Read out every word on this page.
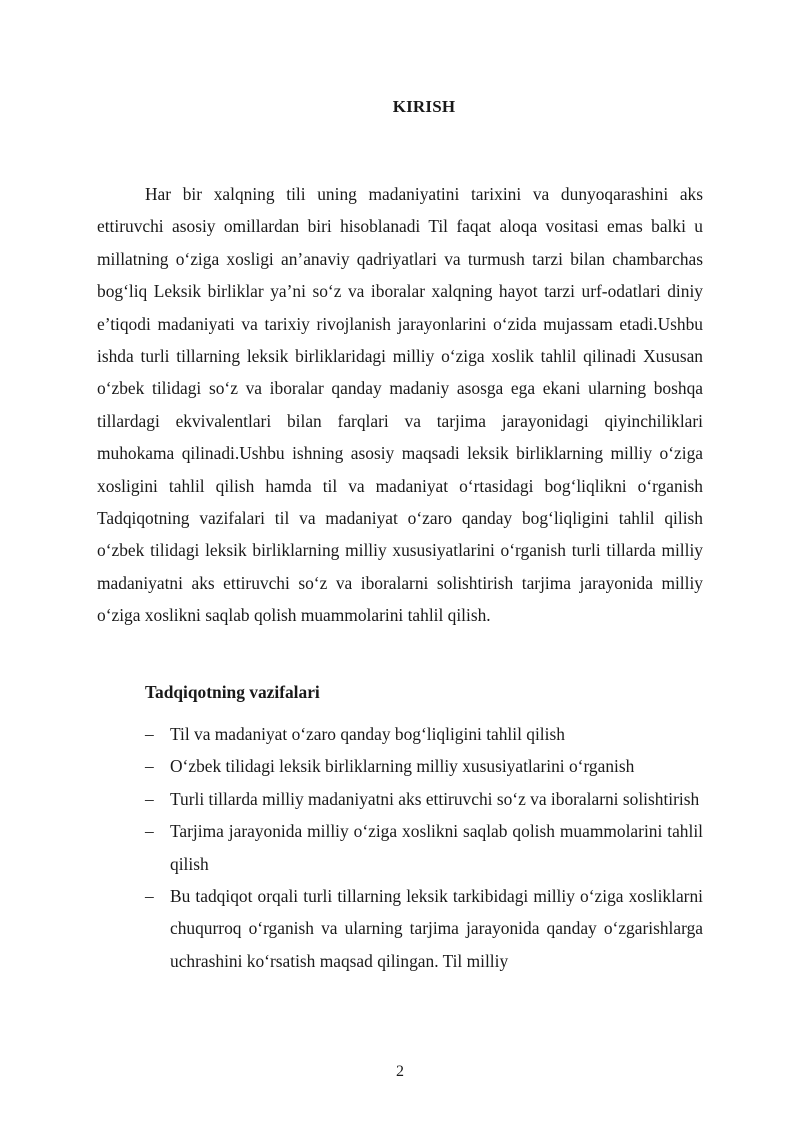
KIRISH

Har bir xalqning tili uning madaniyatini tarixini va dunyoqarashini aks ettiruvchi asosiy omillardan biri hisoblanadi Til faqat aloqa vositasi emas balki u millatning o‘ziga xosligi an’anaviy qadriyatlari va turmush tarzi bilan chambarchas bog‘liq Leksik birliklar ya’ni so‘z va iboralar xalqning hayot tarzi urf-odatlari diniy e’tiqodi madaniyati va tarixiy rivojlanish jarayonlarini o‘zida mujassam etadi.Ushbu ishda turli tillarning leksik birliklaridagi milliy o‘ziga xoslik tahlil qilinadi Xususan o‘zbek tilidagi so‘z va iboralar qanday madaniy asosga ega ekani ularning boshqa tillardagi ekvivalentlari bilan farqlari va tarjima jarayonidagi qiyinchiliklari muhokama qilinadi.Ushbu ishning asosiy maqsadi leksik birliklarning milliy o‘ziga xosligini tahlil qilish hamda til va madaniyat o‘rtasidagi bog‘liqlikni o‘rganish Tadqiqotning vazifalari til va madaniyat o‘zaro qanday bog‘liqligini tahlil qilish o‘zbek tilidagi leksik birliklarning milliy xususiyatlarini o‘rganish turli tillarda milliy madaniyatni aks ettiruvchi so‘z va iboralarni solishtirish tarjima jarayonida milliy o‘ziga xoslikni saqlab qolish muammolarini tahlil qilish.

Tadqiqotning vazifalari
– Til va madaniyat o‘zaro qanday bog‘liqligini tahlil qilish
– O‘zbek tilidagi leksik birliklarning milliy xususiyatlarini o‘rganish
– Turli tillarda milliy madaniyatni aks ettiruvchi so‘z va iboralarni solishtirish
– Tarjima jarayonida milliy o‘ziga xoslikni saqlab qolish muammolarini tahlil qilish
– Bu tadqiqot orqali turli tillarning leksik tarkibidagi milliy o‘ziga xosliklarni chuqurroq o‘rganish va ularning tarjima jarayonida qanday o‘zgarishlarga uchrashini ko‘rsatish maqsad qilingan. Til milliy
2
